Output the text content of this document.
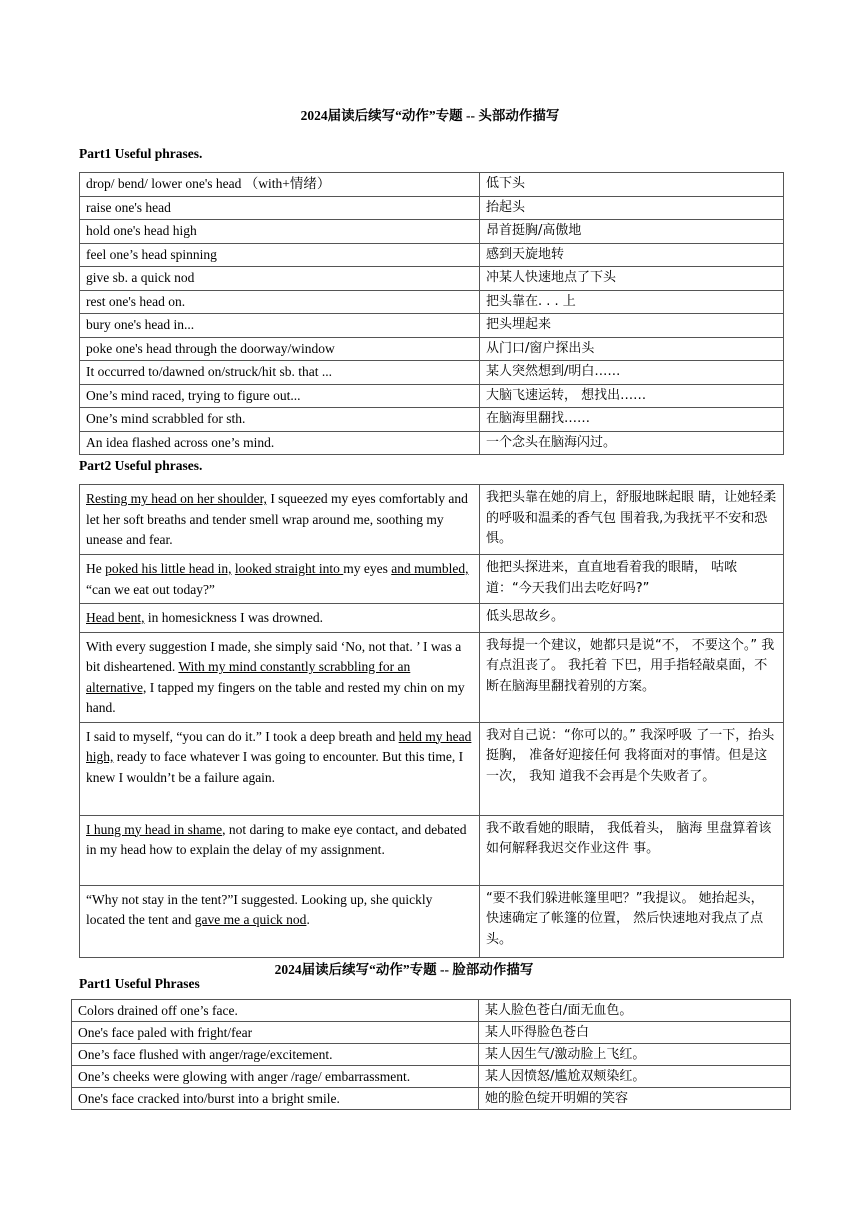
2024届读后续写“动作”专题 -- 头部动作描写
Part1 Useful phrases.
drop/ bend/ lower one's head （with+情绪）	低下头
raise one's head	抬起头
hold one's head high	昂首挺胸/高傲地
feel one’s head spinning	感到天旋地转
give sb. a quick nod	冲某人快速地点了下头
rest one's head on.	把头靠在. . . 上
bury one's head in...	把头埋起来
poke one's head through the doorway/window	从门口/窗户探出头
It occurred to/dawned on/struck/hit sb. that ...	某人突然想到/明白……
One’s mind raced, trying to figure out...	大脑飞速运转， 想找出……
One’s mind scrabbled for sth.	在脑海里翻找……
An idea flashed across one’s mind.	一个念头在脑海闪过。
Part2 Useful phrases.
Resting my head on her shoulder, I squeezed my eyes comfortably and let her soft breaths and tender smell wrap around me, soothing my unease and fear.	我把头靠在她的肩上，舒服地眯起眼 睛，让她轻柔的呼吸和温柔的香气包 围着我,为我抚平不安和恐惧。
He poked his little head in, looked straight into my eyes and mumbled, “can we eat out today?”	他把头探进来，直直地看着我的眼睛， 咕哝道：“今天我们出去吃好吗?”
Head bent, in homesickness I was drowned.	低头思故乡。
With every suggestion I made, she simply said ‘No, not that. ’ I was a bit disheartened. With my mind constantly scrabbling for an alternative, I tapped my fingers on the table and rested my chin on my hand.	我每提一个建议，她都只是说“不， 不要这个。” 我有点沮丧了。 我托着 下巴，用手指轻敲桌面，不断在脑海里翻找着别的方案。
I said to myself, “you can do it.” I took a deep breath and held my head high, ready to face whatever I was going to encounter. But this time, I knew I wouldn’t be a failure again.	我对自己说：“你可以的。” 我深呼吸 了一下，抬头挺胸， 准备好迎接任何 我将面对的事情。但是这一次， 我知 道我不会再是个失败者了。
I hung my head in shame, not daring to make eye contact, and debated in my head how to explain the delay of my assignment.	我不敢看她的眼睛， 我低着头， 脑海 里盘算着该如何解释我迟交作业这件 事。
“Why not stay in the tent?”I suggested. Looking up, she quickly located the tent and gave me a quick nod.	“要不我们躲进帐篷里吧？”我提议。 她抬起头， 快速确定了帐篷的位置， 然后快速地对我点了点头。
2024届读后续写“动作”专题 -- 脸部动作描写
Part1 Useful Phrases
Colors drained off one’s face.	某人脸色苍白/面无血色。
One's face paled with fright/fear	某人吓得脸色苍白
One’s face flushed with anger/rage/excitement.	某人因生气/激动脸上飞红。
One’s cheeks were glowing with anger /rage/ embarrassment.	某人因愤怒/尴尬双颊染红。
One's face cracked into/burst into a bright smile.	她的脸色绽开明媚的笑容
